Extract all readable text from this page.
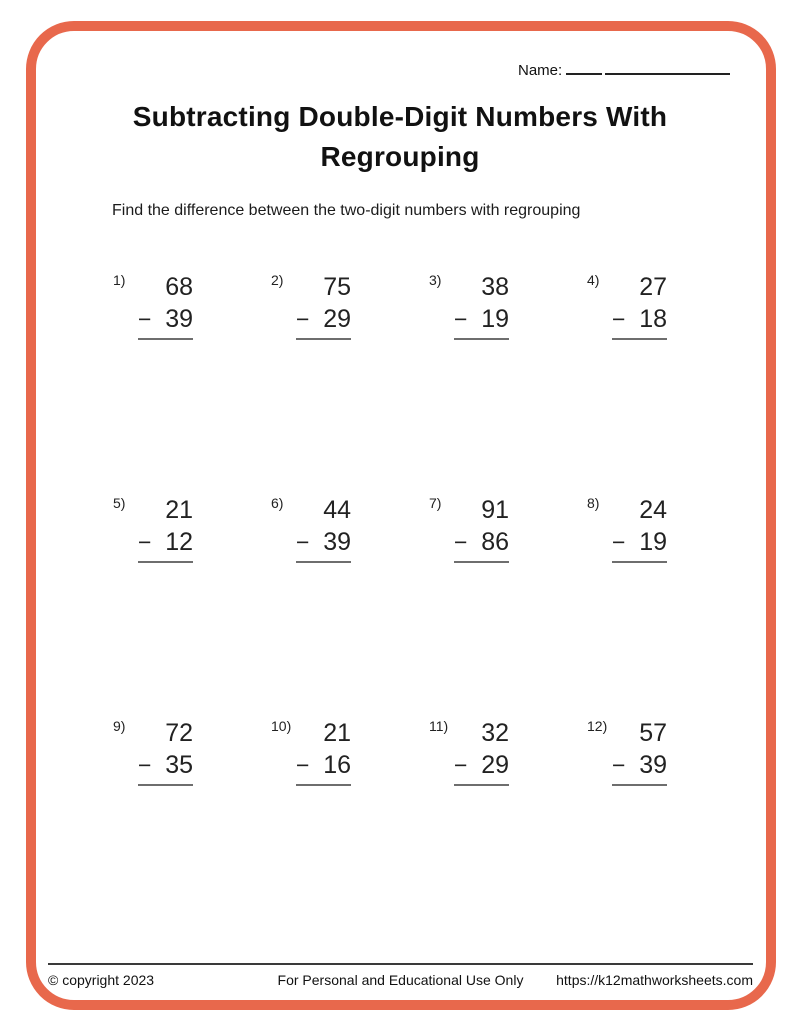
Name:
Subtracting Double-Digit Numbers With
Regrouping
Find the difference between the two-digit numbers with regrouping
1)	68
− 39
2)	75
− 29
3)	38
− 19
4)	27
− 18
5)	21
− 12
6)	44
− 39
7)	91
− 86
8)	24
− 19
9)	72
− 35
10)	21
− 16
11)	32
− 29
12)	57
− 39
© copyright 2023	For Personal and Educational Use Only	https://k12mathworksheets.com
